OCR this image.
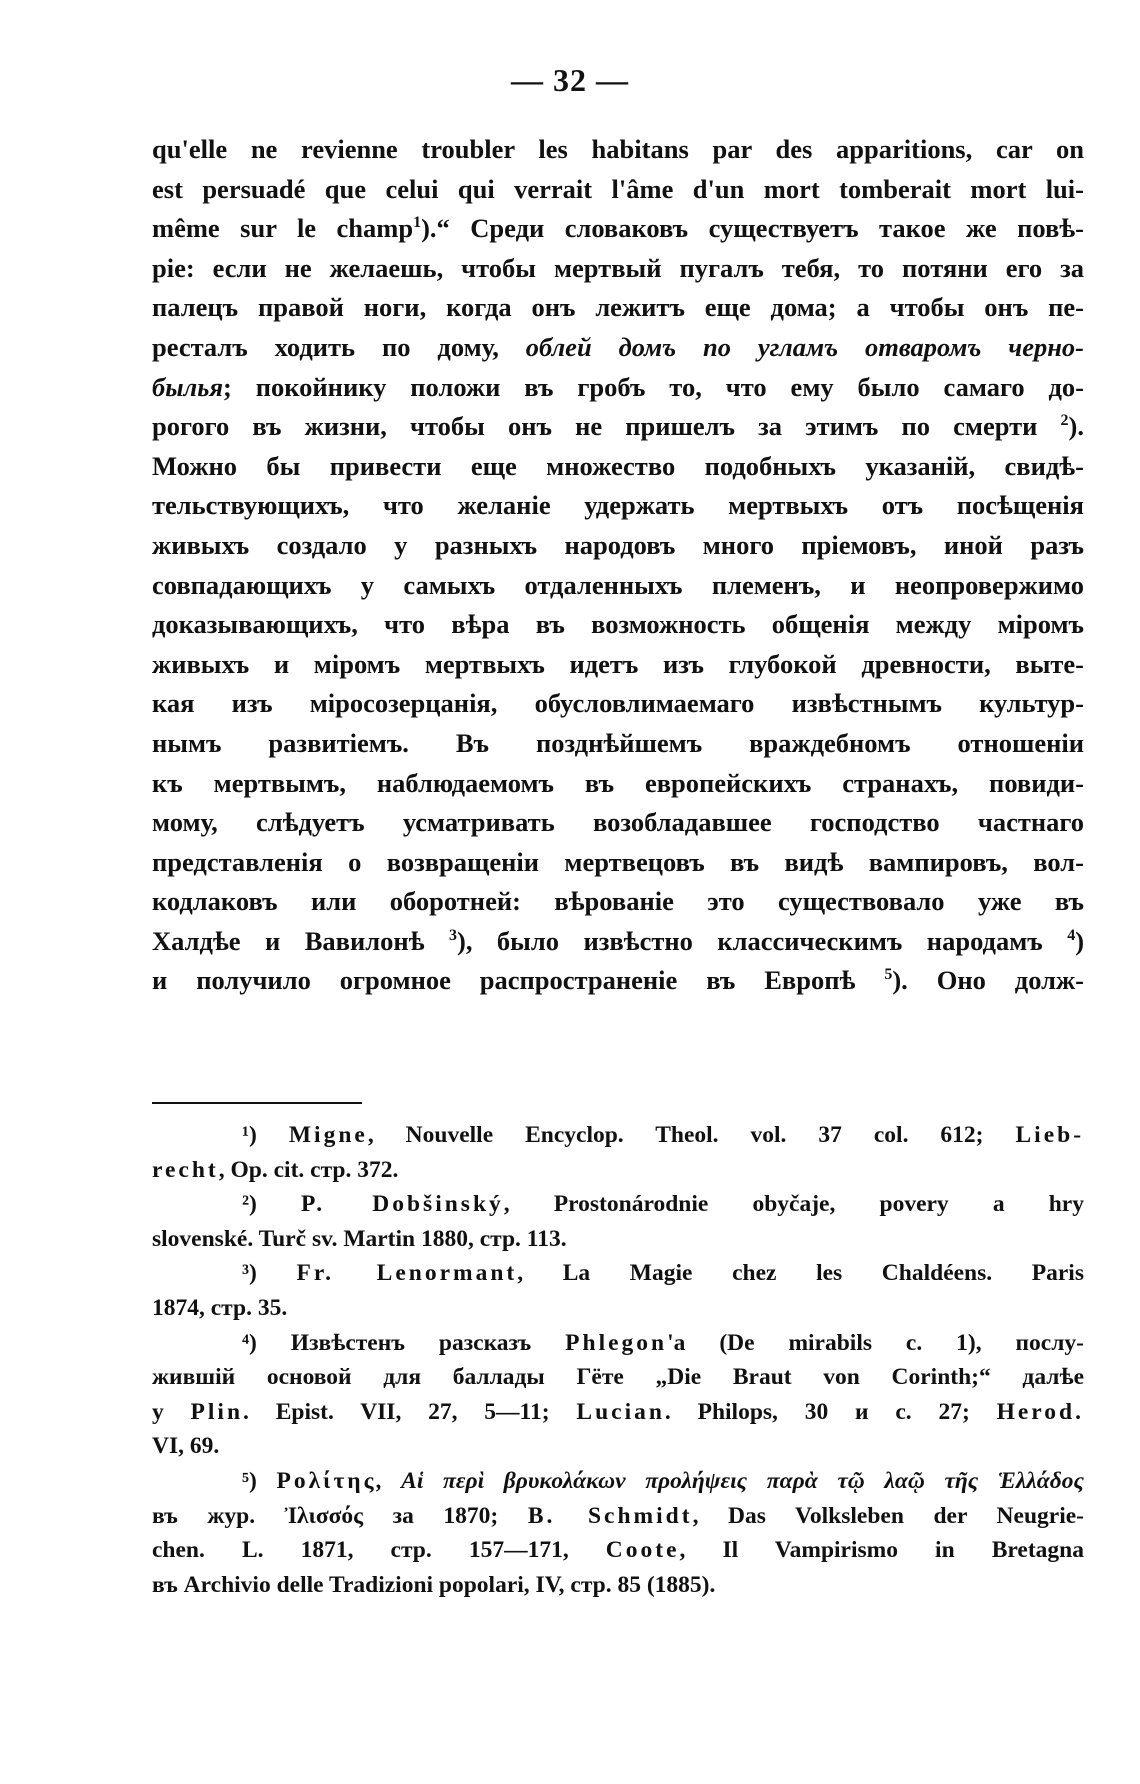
— 32 —
qu'elle ne revienne troubler les habitans par des apparitions, car on
est persuadé que celui qui verrait l'âme d'un mort tomberait mort lui-
même sur le champ$^1$).“ Среди словаковъ существуетъ такое же повѣ-
рie: если не желаешь, чтобы мертвый пугалъ тебя, то потяни его за
палецъ правой ноги, когда онъ лежитъ еще дома; а чтобы онъ пе-
ресталъ ходить по дому, облей домъ по угламъ отваромъ черно-
былья; покойнику положи въ гробъ то, что ему было самаго до-
рогого въ жизни, чтобы онъ не пришелъ за этимъ по смерти $^2$).
Можно бы привести еще множество подобныхъ указаній, свидѣ-
тельствующихъ, что желаніе удержать мертвыхъ отъ посѣщенія
живыхъ создало у разныхъ народовъ много пріемовъ, иной разъ
совпадающихъ у самыхъ отдаленныхъ племенъ, и неопровержимо
доказывающихъ, что вѣра въ возможность общенія между міромъ
живыхъ и міромъ мертвыхъ идетъ изъ глубокой древности, выте-
кая изъ міросозерцанія, обусловлимаемаго извѣстнымъ культур-
нымъ развитіемъ. Въ позднѣйшемъ враждебномъ отношеніи
къ мертвымъ, наблюдаемомъ въ европейскихъ странахъ, повиди-
мому, слѣдуетъ усматривать возобладавшее господство частнаго
представленія о возвращеніи мертвецовъ въ видѣ вампировъ, вол-
кодлаковъ или оборотней: вѣрованіе это существовало уже въ
Халдѣе и Вавилонѣ $^3$), было извѣстно классическимъ народамъ $^4$)
и получило огромное распространеніе въ Европѣ $^5$). Оно долж-
¹) Migne, Nouvelle Encyclop. Theol. vol. 37 col. 612; Lieb-
recht, Op. cit. стр. 372.
²) P. Dobšinský, Prostonárodnie obyčaje, povery a hry
slovenské. Turč sv. Martin 1880, стр. 113.
³) Fr. Lenormant, La Magie chez les Chaldéens. Paris
1874, стр. 35.
⁴) Извѣстенъ разсказъ Phlegon'а (De mirabils c. 1), послу-
жившій основой для баллады Гёте „Die Braut von Corinth;“ далѣе
у Plin. Epist. VII, 27, 5—11; Lucian. Philops, 30 и с. 27; Herod.
VI, 69.
⁵) Ρολίτης, Αἱ περὶ βρυκολάκων προλήψεις παρὰ τῷ λαῷ τῆς Ἑλλάδος
въ жур. Ἰλισσός за 1870; B. Schmidt, Das Volksleben der Neugrie-
chen. L. 1871, стр. 157—171, Coote, Il Vampirismo in Bretagna
въ Archivio delle Tradizioni popolari, IV, стр. 85 (1885).
